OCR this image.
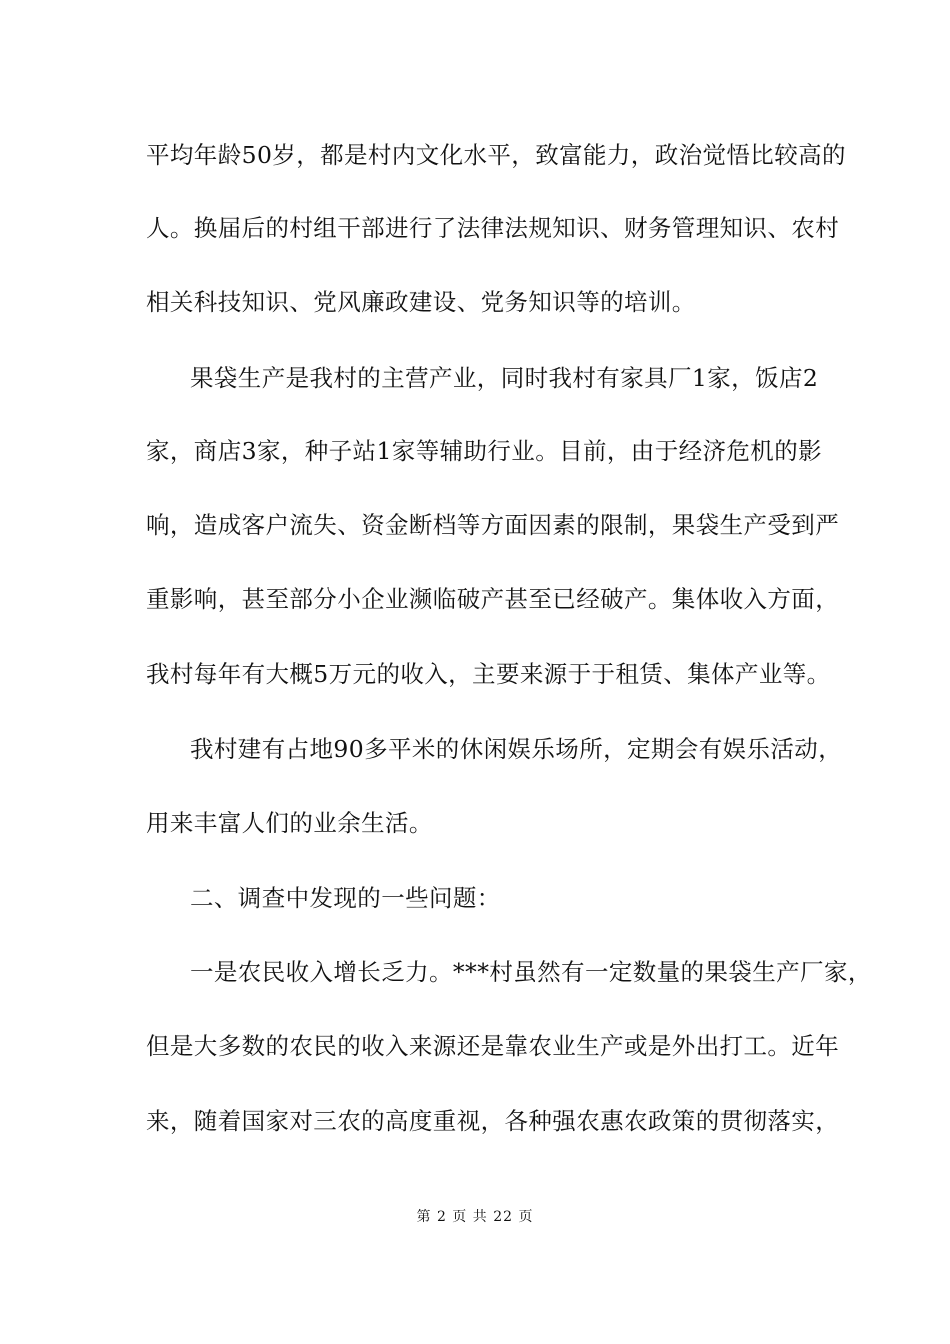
平均年龄50岁，都是村内文化水平，致富能力，政治觉悟比较高的
人。换届后的村组干部进行了法律法规知识、财务管理知识、农村
相关科技知识、党风廉政建设、党务知识等的培训。
果袋生产是我村的主营产业，同时我村有家具厂1家，饭店2
家，商店3家，种子站1家等辅助行业。目前，由于经济危机的影
响，造成客户流失、资金断档等方面因素的限制，果袋生产受到严
重影响，甚至部分小企业濒临破产甚至已经破产。集体收入方面，
我村每年有大概5万元的收入，主要来源于于租赁、集体产业等。
我村建有占地90多平米的休闲娱乐场所，定期会有娱乐活动，
用来丰富人们的业余生活。
二、调查中发现的一些问题：
一是农民收入增长乏力。***村虽然有一定数量的果袋生产厂家，
但是大多数的农民的收入来源还是靠农业生产或是外出打工。近年
来，随着国家对三农的高度重视，各种强农惠农政策的贯彻落实，
第 2 页 共 22 页
